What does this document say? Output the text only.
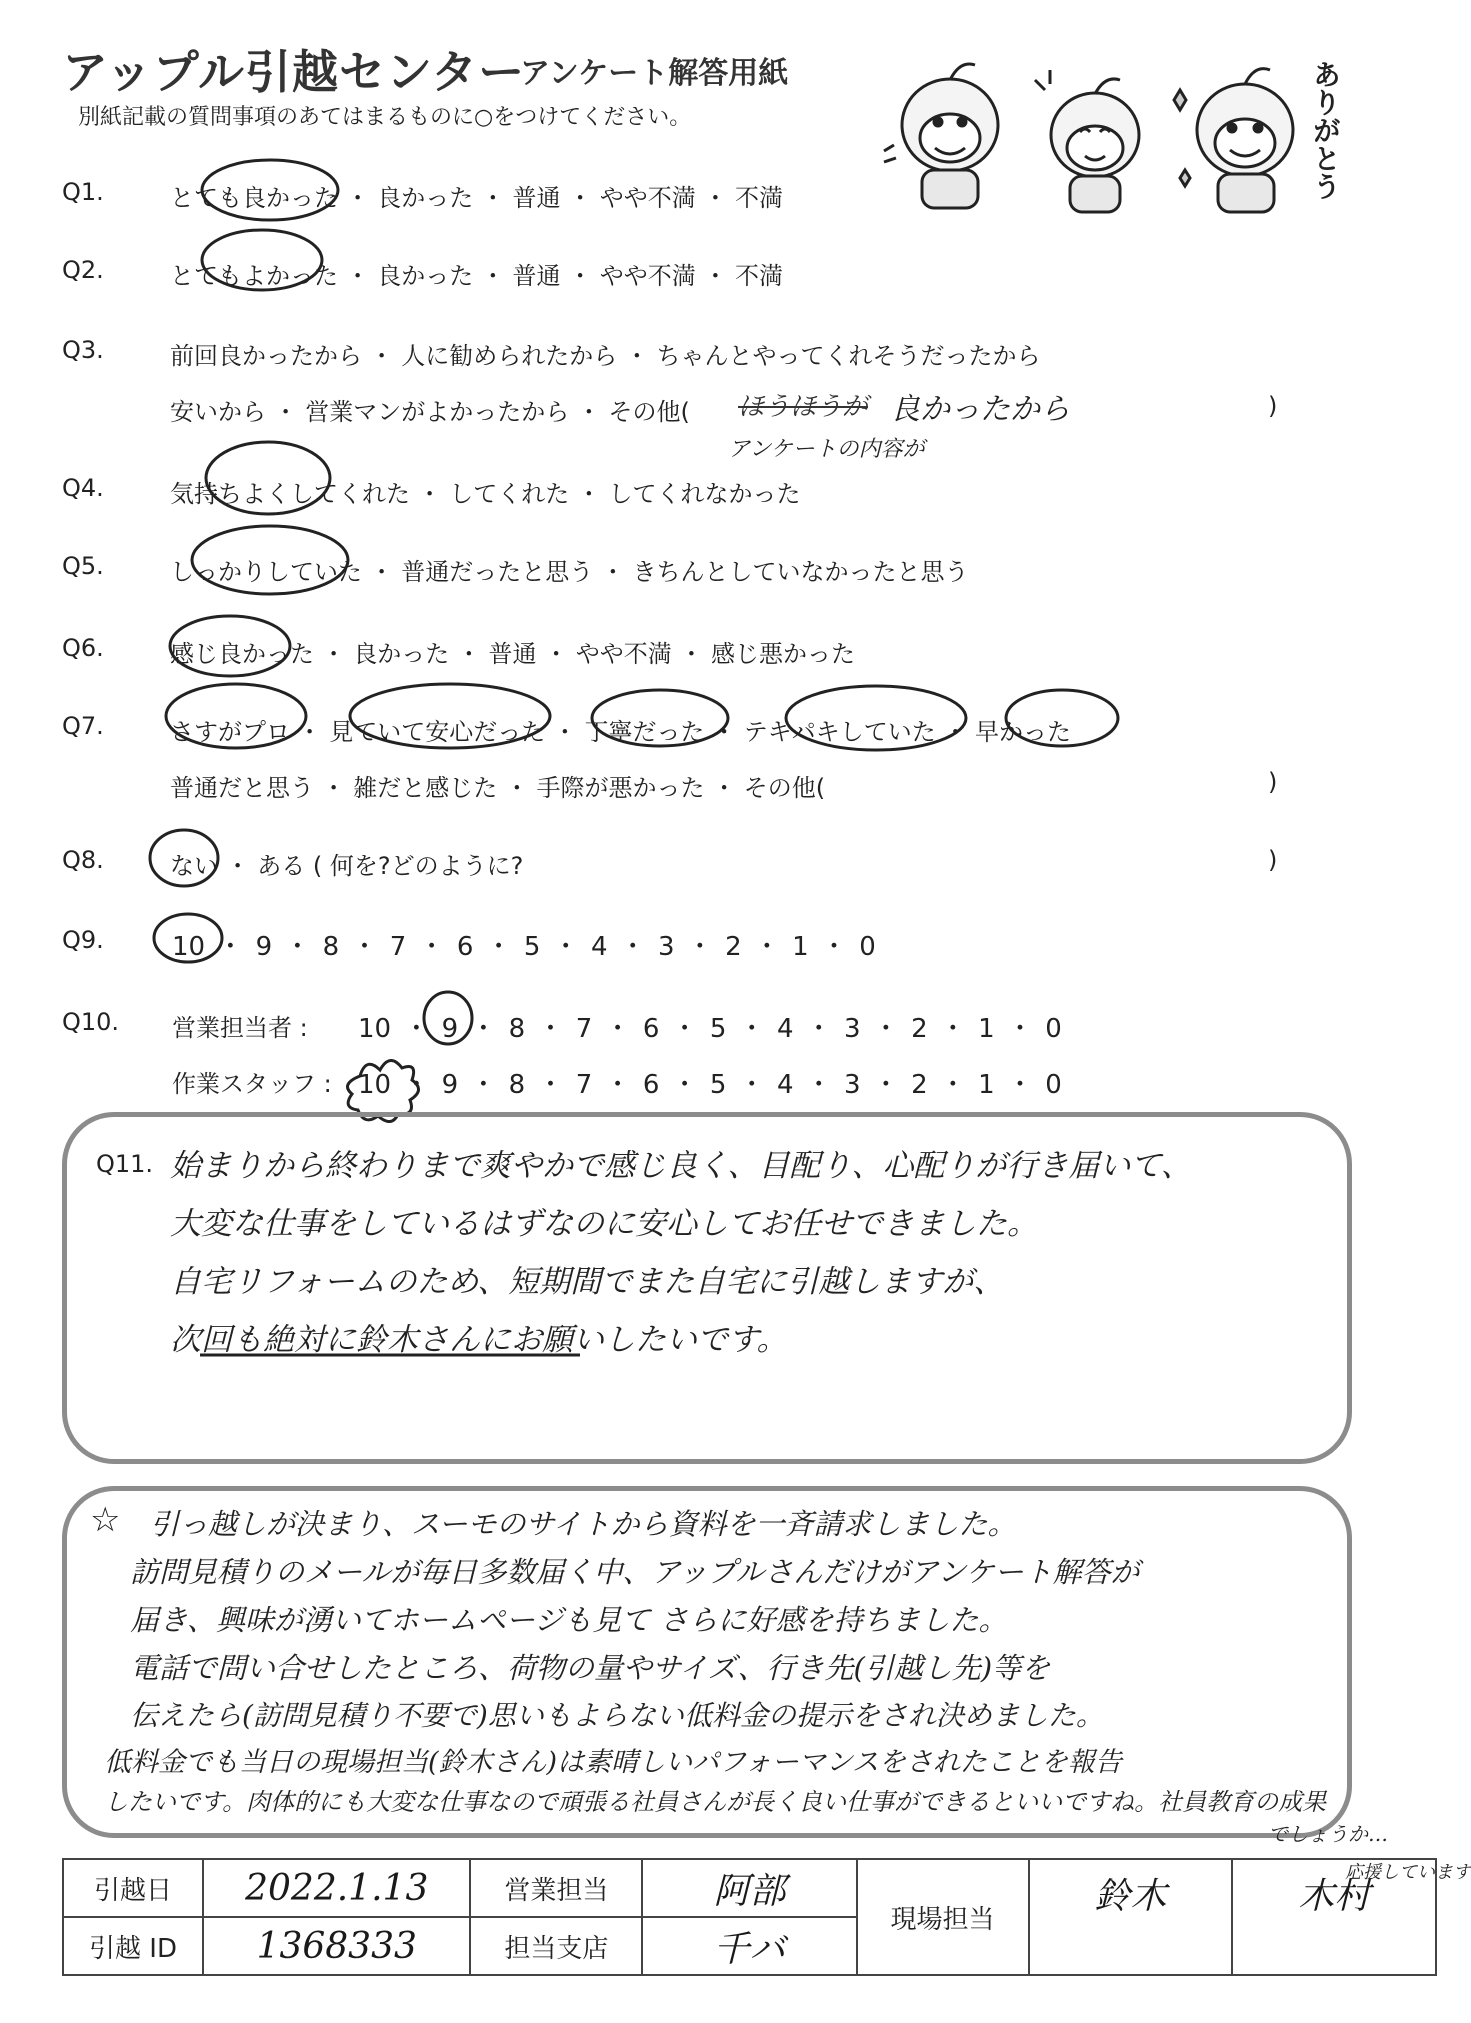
アップル引越センター
アンケート解答用紙
別紙記載の質問事項のあてはまるものに○をつけてください。	ありがとう
Q1.	とても良かった ・ 良かった ・ 普通 ・ やや不満 ・ 不満
Q2.	とてもよかった ・ 良かった ・ 普通 ・ やや不満 ・ 不満
Q3.	前回良かったから ・ 人に勧められたから ・ ちゃんとやってくれそうだったから
安いから ・ 営業マンがよかったから ・ その他( ほうほうが 良かったから
アンケートの内容が
)
Q4.	気持ちよくしてくれた ・ してくれた ・ してくれなかった
Q5.	しっかりしていた ・ 普通だったと思う ・ きちんとしていなかったと思う
Q6.	感じ良かった ・ 良かった ・ 普通 ・ やや不満 ・ 感じ悪かった
Q7.	さすがプロ ・ 見ていて安心だった ・ 丁寧だった ・ テキパキしていた ・ 早かった
普通だと思う ・ 雑だと感じた ・ 手際が悪かった ・ その他(	)
Q8.	ない ・ ある ( 何を?どのように?	)
Q9.	10 ・ 9 ・ 8 ・ 7 ・ 6 ・ 5 ・ 4 ・ 3 ・ 2 ・ 1 ・ 0
Q10. 営業担当者 : 10 ・ 9 ・ 8 ・ 7 ・ 6 ・ 5 ・ 4 ・ 3 ・ 2 ・ 1 ・ 0
作業スタッフ : 10 ・ 9 ・ 8 ・ 7 ・ 6 ・ 5 ・ 4 ・ 3 ・ 2 ・ 1 ・ 0
Q11. 始まりから終わりまで爽やかで感じ良く、目配り、心配りが行き届いて、
大変な仕事をしているはずなのに安心してお任せできました。
自宅リフォームのため、短期間でまた自宅に引越しますが、
次回も絶対に鈴木さんにお願いしたいです。
☆ 引っ越しが決まり、スーモのサイトから資料を一斉請求しました。
訪問見積りのメールが毎日多数届く中、アップルさんだけがアンケート解答が
届き、興味が湧いてホームページも見て さらに好感を持ちました。
電話で問い合せしたところ、荷物の量やサイズ、行き先(引越し先)等を
伝えたら(訪問見積り不要で)思いもよらない低料金の提示をされ決めました。
低料金でも当日の現場担当(鈴木さん)は素晴しいパフォーマンスをされたことを報告
したいです。肉体的にも大変な仕事なので頑張る社員さんが長く良い仕事ができるといいですね。社員教育の成果
でしょうか…
引越日	2022.1.13	営業担当	阿部	現場担当	鈴木	木村
引越 ID	1368333	担当支店	千バ			
応援しています
